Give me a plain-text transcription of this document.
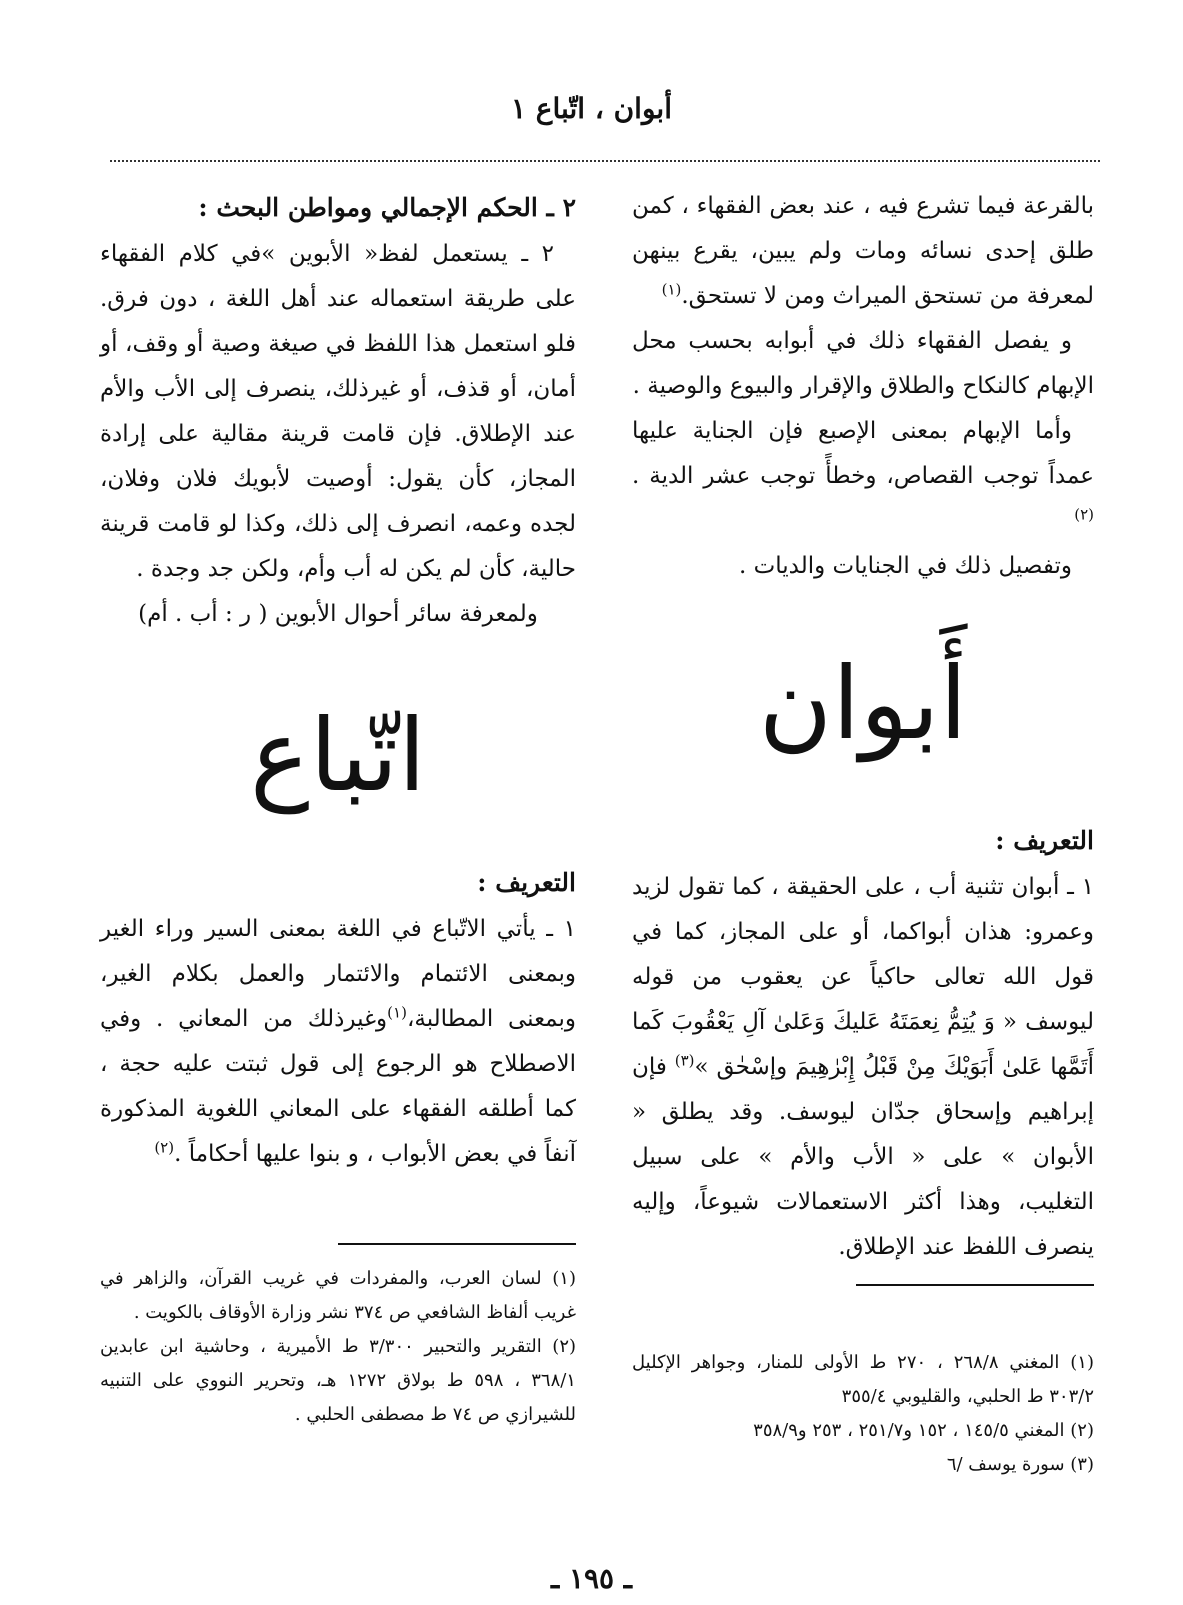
أبوان ، اتّباع ١

بالقرعة فيما تشرع فيه ، عند بعض الفقهاء ، كمن طلق إحدى نسائه ومات ولم يبين، يقرع بينهن لمعرفة من تستحق الميراث ومن لا تستحق.$^{(١)}$

و يفصل الفقهاء ذلك في أبوابه بحسب محل الإبهام كالنكاح والطلاق والإقرار والبيوع والوصية .

وأما الإبهام بمعنى الإصبع فإن الجناية عليها عمداً توجب القصاص، وخطأً توجب عشر الدية .$^{(٢)}$

وتفصيل ذلك في الجنايات والديات .

أَبوان

التعريف :

١ ـ أبوان تثنية أب ، على الحقيقة ، كما تقول لزيد وعمرو: هذان أبواكما، أو على المجاز، كما في قول الله تعالى حاكياً عن يعقوب من قوله ليوسف « وَ يُتِمُّ نِعمَتَهُ عَليكَ وَعَلىٰ آلِ يَعْقُوبَ كَما أَتَمَّها عَلىٰ أَبَوَيْكَ مِنْ قَبْلُ إِبْرٰهِيمَ وإسْحٰق »$^{(٣)}$ فإن إبراهيم وإسحاق جدّان ليوسف. وقد يطلق « الأبوان » على « الأب والأم » على سبيل التغليب، وهذا أكثر الاستعمالات شيوعاً، وإليه ينصرف اللفظ عند الإطلاق.

٢ ـ الحكم الإجمالي ومواطن البحث :

٢ ـ يستعمل لفظ« الأبوين »في كلام الفقهاء على طريقة استعماله عند أهل اللغة ، دون فرق. فلو استعمل هذا اللفظ في صيغة وصية أو وقف، أو أمان، أو قذف، أو غيرذلك، ينصرف إلى الأب والأم عند الإطلاق. فإن قامت قرينة مقالية على إرادة المجاز، كأن يقول: أوصيت لأبويك فلان وفلان، لجده وعمه، انصرف إلى ذلك، وكذا لو قامت قرينة حالية، كأن لم يكن له أب وأم، ولكن جد وجدة .

ولمعرفة سائر أحوال الأبوين ( ر : أب . أم)

اتّباع

التعريف :

١ ـ يأتي الاتّباع في اللغة بمعنى السير وراء الغير وبمعنى الائتمام والائتمار والعمل بكلام الغير، وبمعنى المطالبة،$^{(١)}$وغيرذلك من المعاني . وفي الاصطلاح هو الرجوع إلى قول ثبتت عليه حجة ، كما أطلقه الفقهاء على المعاني اللغوية المذكورة آنفاً في بعض الأبواب ، و بنوا عليها أحكاماً .$^{(٢)}$

(١) لسان العرب، والمفردات في غريب القرآن، والزاهر في غريب ألفاظ الشافعي ص ٣٧٤ نشر وزارة الأوقاف بالكويت .

(٢) التقرير والتحبير ٣/٣٠٠ ط الأميرية ، وحاشية ابن عابدين ٣٦٨/١ ، ٥٩٨ ط بولاق ١٢٧٢ هـ، وتحرير النووي على التنبيه للشيرازي ص ٧٤ ط مصطفى الحلبي .

(١) المغني ٢٦٨/٨ ، ٢٧٠ ط الأولى للمنار، وجواهر الإكليل ٣٠٣/٢ ط الحلبي، والقليوبي ٣٥٥/٤

(٢) المغني ١٤٥/٥ ، ١٥٢ و٢٥١/٧ ، ٢٥٣ و٣٥٨/٩

(٣) سورة يوسف /٦

ـ ١٩٥ ـ
